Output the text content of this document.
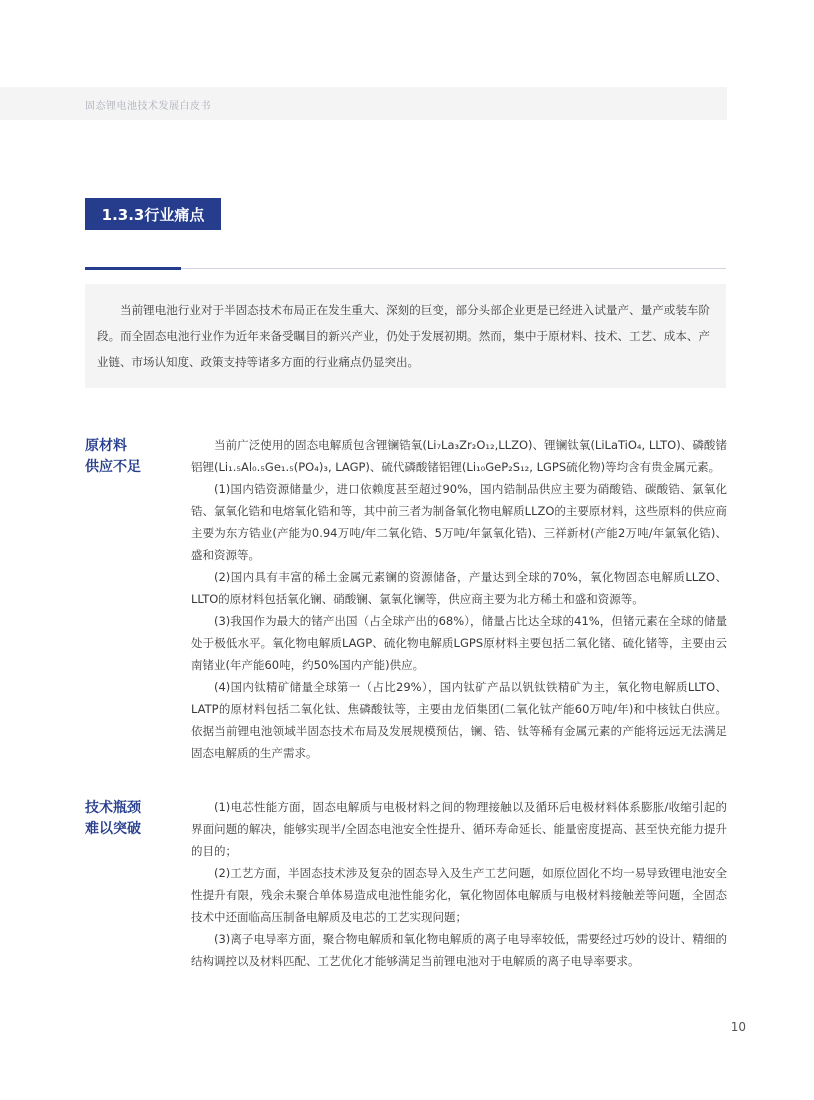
固态锂电池技术发展白皮书
1.3.3行业痛点

当前锂电池行业对于半固态技术布局正在发生重大、深刻的巨变，部分头部企业更是已经进入试量产、量产或装车阶段。而全固态电池行业作为近年来备受瞩目的新兴产业，仍处于发展初期。然而，集中于原材料、技术、工艺、成本、产业链、市场认知度、政策支持等诸多方面的行业痛点仍显突出。

原材料
供应不足

当前广泛使用的固态电解质包含锂镧锆氧(Li₇La₃Zr₂O₁₂,LLZO)、锂镧钛氧(LiLaTiO₄, LLTO)、磷酸锗铝锂(Li₁.₅Al₀.₅Ge₁.₅(PO₄)₃, LAGP)、硫代磷酸锗铝锂(Li₁₀GeP₂S₁₂, LGPS硫化物)等均含有贵金属元素。

(1)国内锆资源储量少，进口依赖度甚至超过90%，国内锆制品供应主要为硝酸锆、碳酸锆、氯氧化锆、氯氧化锆和电熔氧化锆和等，其中前三者为制备氧化物电解质LLZO的主要原材料，这些原料的供应商主要为东方锆业(产能为0.94万吨/年二氧化锆、5万吨/年氯氧化锆)、三祥新材(产能2万吨/年氯氧化锆)、盛和资源等。

(2)国内具有丰富的稀土金属元素镧的资源储备，产量达到全球的70%，氧化物固态电解质LLZO、LLTO的原材料包括氧化镧、硝酸镧、氯氧化镧等，供应商主要为北方稀土和盛和资源等。

(3)我国作为最大的锗产出国（占全球产出的68%），储量占比达全球的41%，但锗元素在全球的储量处于极低水平。氧化物电解质LAGP、硫化物电解质LGPS原材料主要包括二氧化锗、硫化锗等，主要由云南锗业(年产能60吨，约50%国内产能)供应。

(4)国内钛精矿储量全球第一（占比29%），国内钛矿产品以钒钛铁精矿为主，氧化物电解质LLTO、LATP的原材料包括二氧化钛、焦磷酸钛等，主要由龙佰集团(二氧化钛产能60万吨/年)和中核钛白供应。依据当前锂电池领域半固态技术布局及发展规模预估，镧、锆、钛等稀有金属元素的产能将远远无法满足固态电解质的生产需求。

技术瓶颈
难以突破

(1)电芯性能方面，固态电解质与电极材料之间的物理接触以及循环后电极材料体系膨胀/收缩引起的界面问题的解决，能够实现半/全固态电池安全性提升、循环寿命延长、能量密度提高、甚至快充能力提升的目的；

(2)工艺方面，半固态技术涉及复杂的固态导入及生产工艺问题，如原位固化不均一易导致锂电池安全性提升有限，残余未聚合单体易造成电池性能劣化，氧化物固体电解质与电极材料接触差等问题，全固态技术中还面临高压制备电解质及电芯的工艺实现问题；

(3)离子电导率方面，聚合物电解质和氧化物电解质的离子电导率较低，需要经过巧妙的设计、精细的结构调控以及材料匹配、工艺优化才能够满足当前锂电池对于电解质的离子电导率要求。

10
